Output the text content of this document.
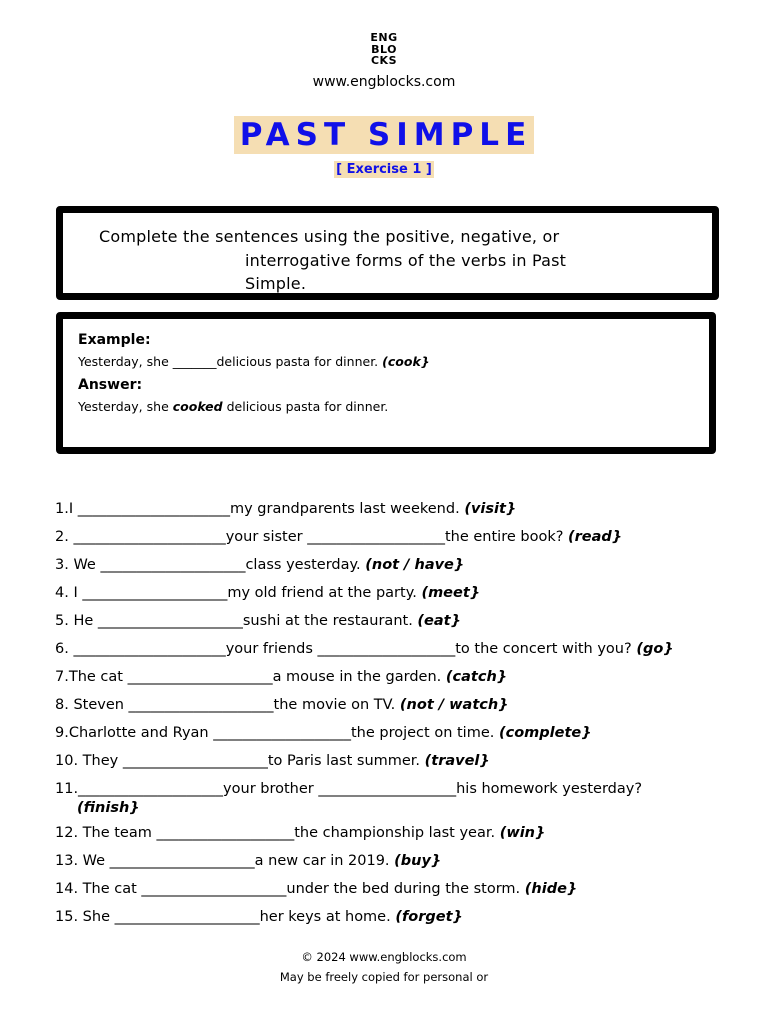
ENG
BLO
CKS
www.engblocks.com
PAST SIMPLE
[ Exercise 1 ]
Complete the sentences using the positive, negative, or
interrogative forms of the verbs in Past
Simple.
Example:
Yesterday, she _______delicious pasta for dinner. (cook}
Answer:
Yesterday, she cooked delicious pasta for dinner.
1.I _____________________my grandparents last weekend. (visit}
2. _____________________your sister ___________________the entire book? (read}
3. We ____________________class yesterday. (not / have}
4. I ____________________my old friend at the party. (meet}
5. He ____________________sushi at the restaurant. (eat}
6. _____________________your friends ___________________to the concert with you? (go}
7.The cat ____________________a mouse in the garden. (catch}
8. Steven ____________________the movie on TV. (not / watch}
9.Charlotte and Ryan ___________________the project on time. (complete}
10. They ____________________to Paris last summer. (travel}
11.____________________your brother ___________________his homework yesterday?
(finish}
12. The team ___________________the championship last year. (win}
13. We ____________________a new car in 2019. (buy}
14. The cat ____________________under the bed during the storm. (hide}
15. She ____________________her keys at home. (forget}
© 2024 www.engblocks.com
May be freely copied for personal or
